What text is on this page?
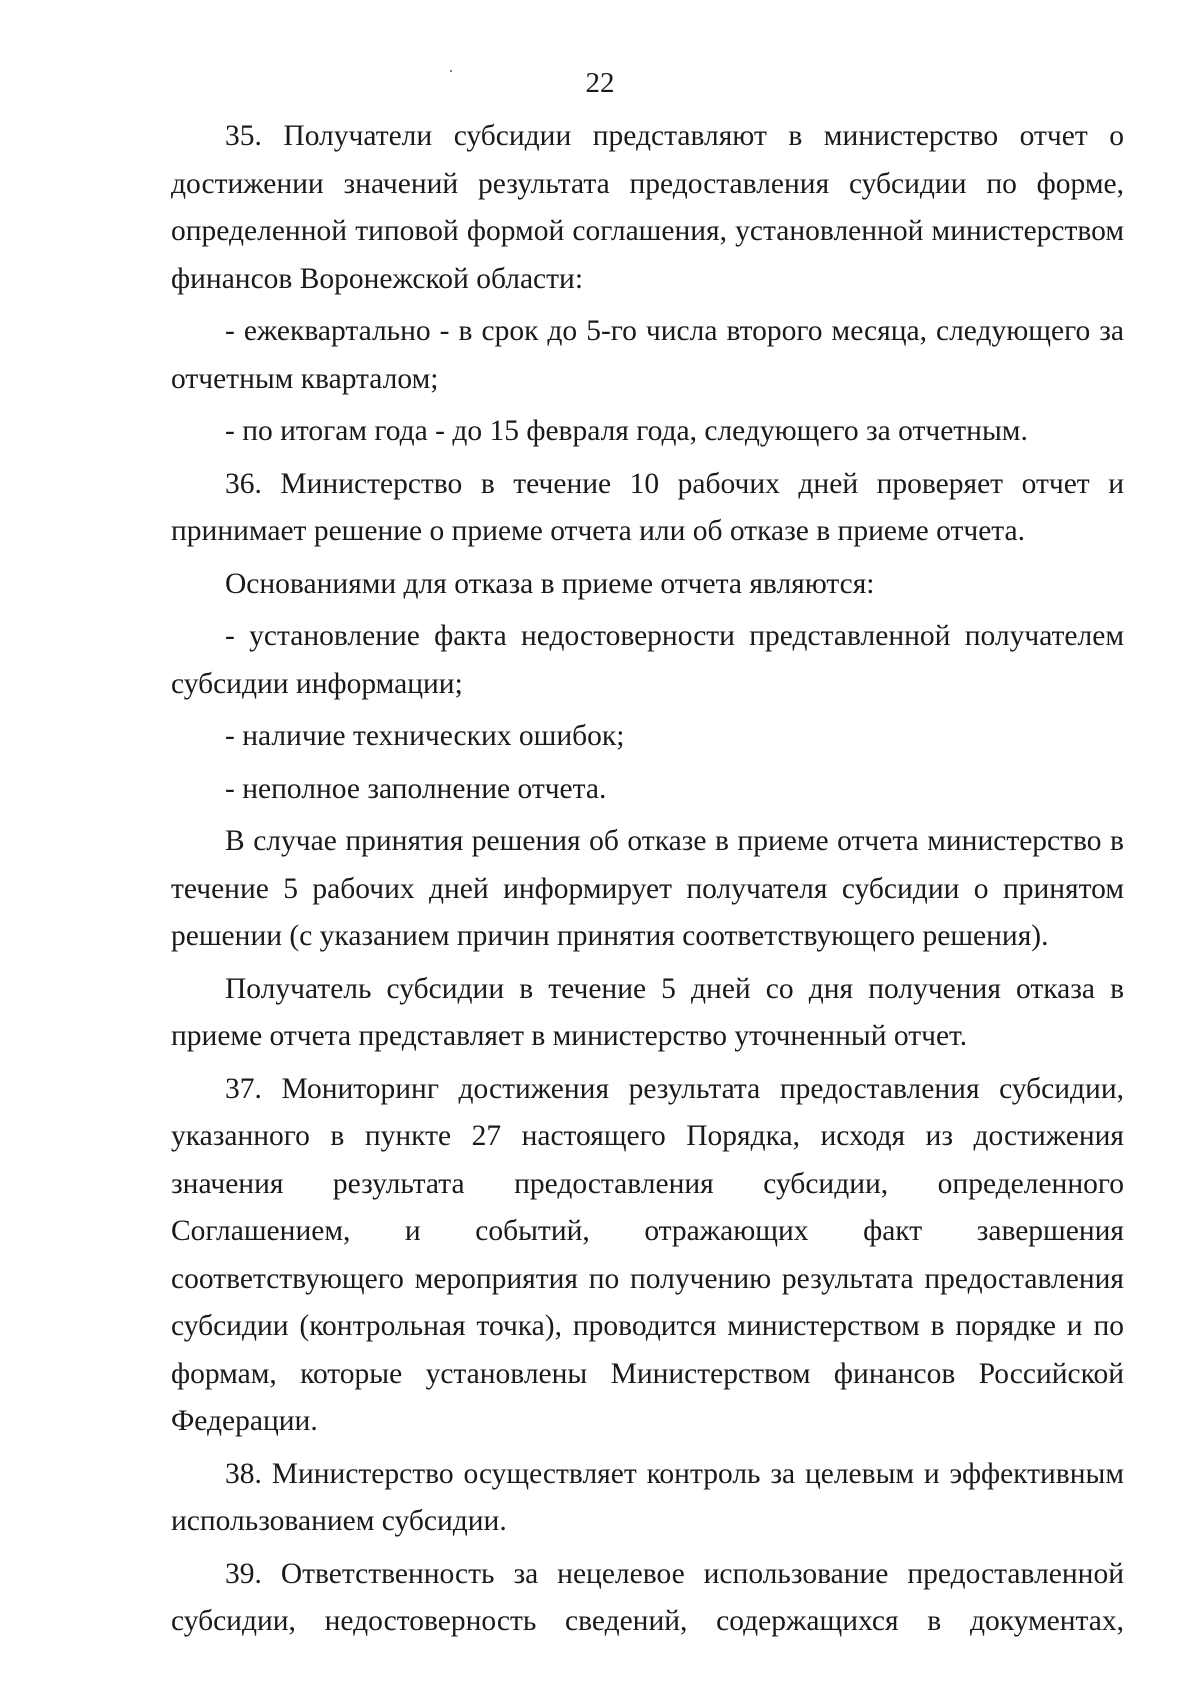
22

35. Получатели субсидии представляют в министерство отчет о достижении значений результата предоставления субсидии по форме, определенной типовой формой соглашения, установленной министерством финансов Воронежской области:

- ежеквартально - в срок до 5-го числа второго месяца, следующего за отчетным кварталом;

- по итогам года - до 15 февраля года, следующего за отчетным.

36. Министерство в течение 10 рабочих дней проверяет отчет и принимает решение о приеме отчета или об отказе в приеме отчета.

Основаниями для отказа в приеме отчета являются:

- установление факта недостоверности представленной получателем субсидии информации;

- наличие технических ошибок;

- неполное заполнение отчета.

В случае принятия решения об отказе в приеме отчета министерство в течение 5 рабочих дней информирует получателя субсидии о принятом решении (с указанием причин принятия соответствующего решения).

Получатель субсидии в течение 5 дней со дня получения отказа в приеме отчета представляет в министерство уточненный отчет.

37. Мониторинг достижения результата предоставления субсидии, указанного в пункте 27 настоящего Порядка, исходя из достижения значения результата предоставления субсидии, определенного Соглашением, и событий, отражающих факт завершения соответствующего мероприятия по получению результата предоставления субсидии (контрольная точка), проводится министерством в порядке и по формам, которые установлены Министерством финансов Российской Федерации.

38. Министерство осуществляет контроль за целевым и эффективным использованием субсидии.

39. Ответственность за нецелевое использование предоставленной субсидии, недостоверность сведений, содержащихся в документах,
